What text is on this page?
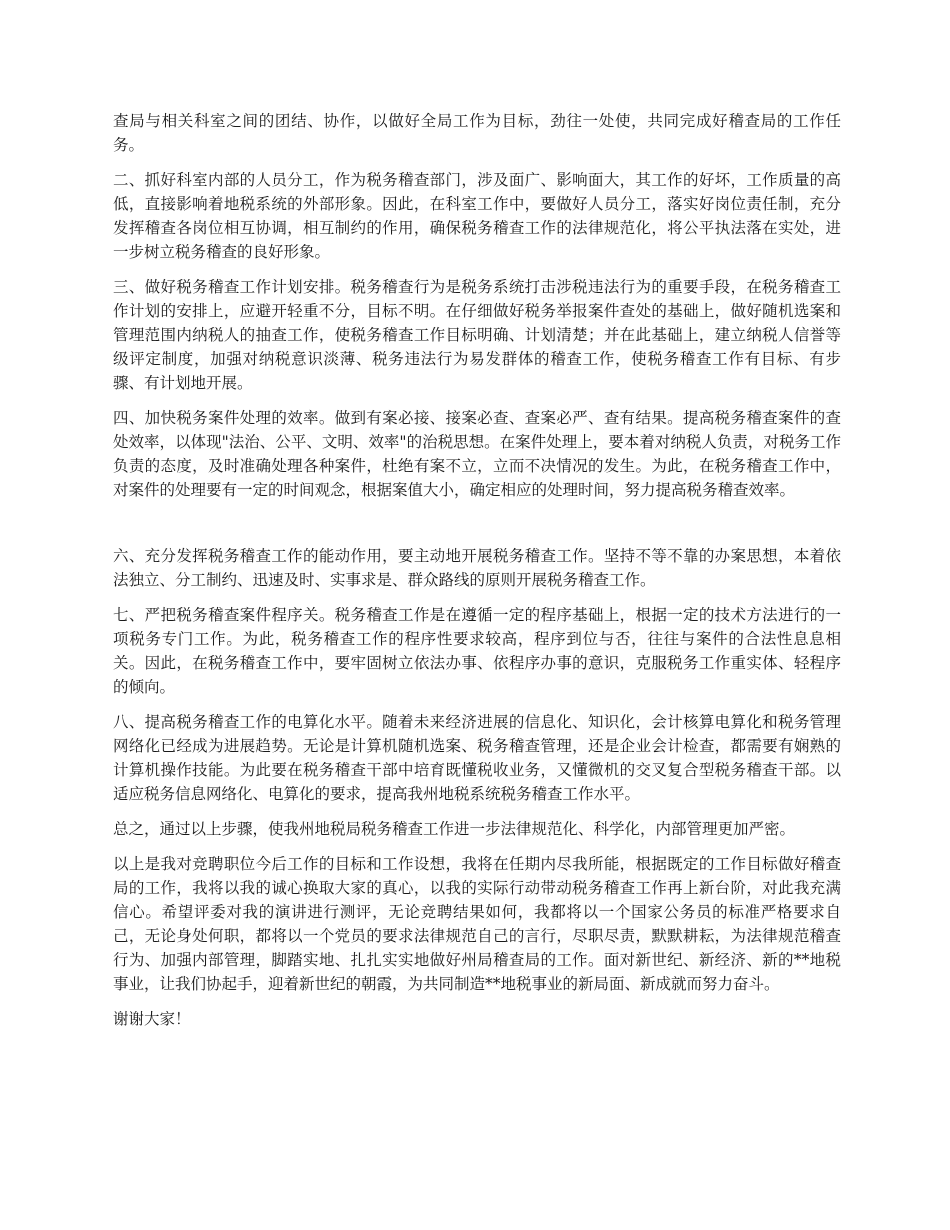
查局与相关科室之间的团结、协作，以做好全局工作为目标，劲往一处使，共同完成好稽查局的工作任务。

二、抓好科室内部的人员分工，作为税务稽查部门，涉及面广、影响面大，其工作的好坏，工作质量的高低，直接影响着地税系统的外部形象。因此，在科室工作中，要做好人员分工，落实好岗位责任制，充分发挥稽查各岗位相互协调，相互制约的作用，确保税务稽查工作的法律规范化，将公平执法落在实处，进一步树立税务稽查的良好形象。

三、做好税务稽查工作计划安排。税务稽查行为是税务系统打击涉税违法行为的重要手段，在税务稽查工作计划的安排上，应避开轻重不分，目标不明。在仔细做好税务举报案件查处的基础上，做好随机选案和管理范围内纳税人的抽查工作，使税务稽查工作目标明确、计划清楚；并在此基础上，建立纳税人信誉等级评定制度，加强对纳税意识淡薄、税务违法行为易发群体的稽查工作，使税务稽查工作有目标、有步骤、有计划地开展。

四、加快税务案件处理的效率。做到有案必接、接案必查、查案必严、查有结果。提高税务稽查案件的查处效率，以体现"法治、公平、文明、效率"的治税思想。在案件处理上，要本着对纳税人负责，对税务工作负责的态度，及时准确处理各种案件，杜绝有案不立，立而不决情况的发生。为此，在税务稽查工作中，对案件的处理要有一定的时间观念，根据案值大小，确定相应的处理时间，努力提高税务稽查效率。

六、充分发挥税务稽查工作的能动作用，要主动地开展税务稽查工作。坚持不等不靠的办案思想，本着依法独立、分工制约、迅速及时、实事求是、群众路线的原则开展税务稽查工作。

七、严把税务稽查案件程序关。税务稽查工作是在遵循一定的程序基础上，根据一定的技术方法进行的一项税务专门工作。为此，税务稽查工作的程序性要求较高，程序到位与否，往往与案件的合法性息息相关。因此，在税务稽查工作中，要牢固树立依法办事、依程序办事的意识，克服税务工作重实体、轻程序的倾向。

八、提高税务稽查工作的电算化水平。随着未来经济进展的信息化、知识化，会计核算电算化和税务管理网络化已经成为进展趋势。无论是计算机随机选案、税务稽查管理，还是企业会计检查，都需要有娴熟的计算机操作技能。为此要在税务稽查干部中培育既懂税收业务，又懂微机的交叉复合型税务稽查干部。以适应税务信息网络化、电算化的要求，提高我州地税系统税务稽查工作水平。

总之，通过以上步骤，使我州地税局税务稽查工作进一步法律规范化、科学化，内部管理更加严密。

以上是我对竞聘职位今后工作的目标和工作设想，我将在任期内尽我所能，根据既定的工作目标做好稽查局的工作，我将以我的诚心换取大家的真心，以我的实际行动带动税务稽查工作再上新台阶，对此我充满信心。希望评委对我的演讲进行测评，无论竞聘结果如何，我都将以一个国家公务员的标准严格要求自己，无论身处何职，都将以一个党员的要求法律规范自己的言行，尽职尽责，默默耕耘，为法律规范稽查行为、加强内部管理，脚踏实地、扎扎实实地做好州局稽查局的工作。面对新世纪、新经济、新的**地税事业，让我们协起手，迎着新世纪的朝霞，为共同制造**地税事业的新局面、新成就而努力奋斗。

谢谢大家！
